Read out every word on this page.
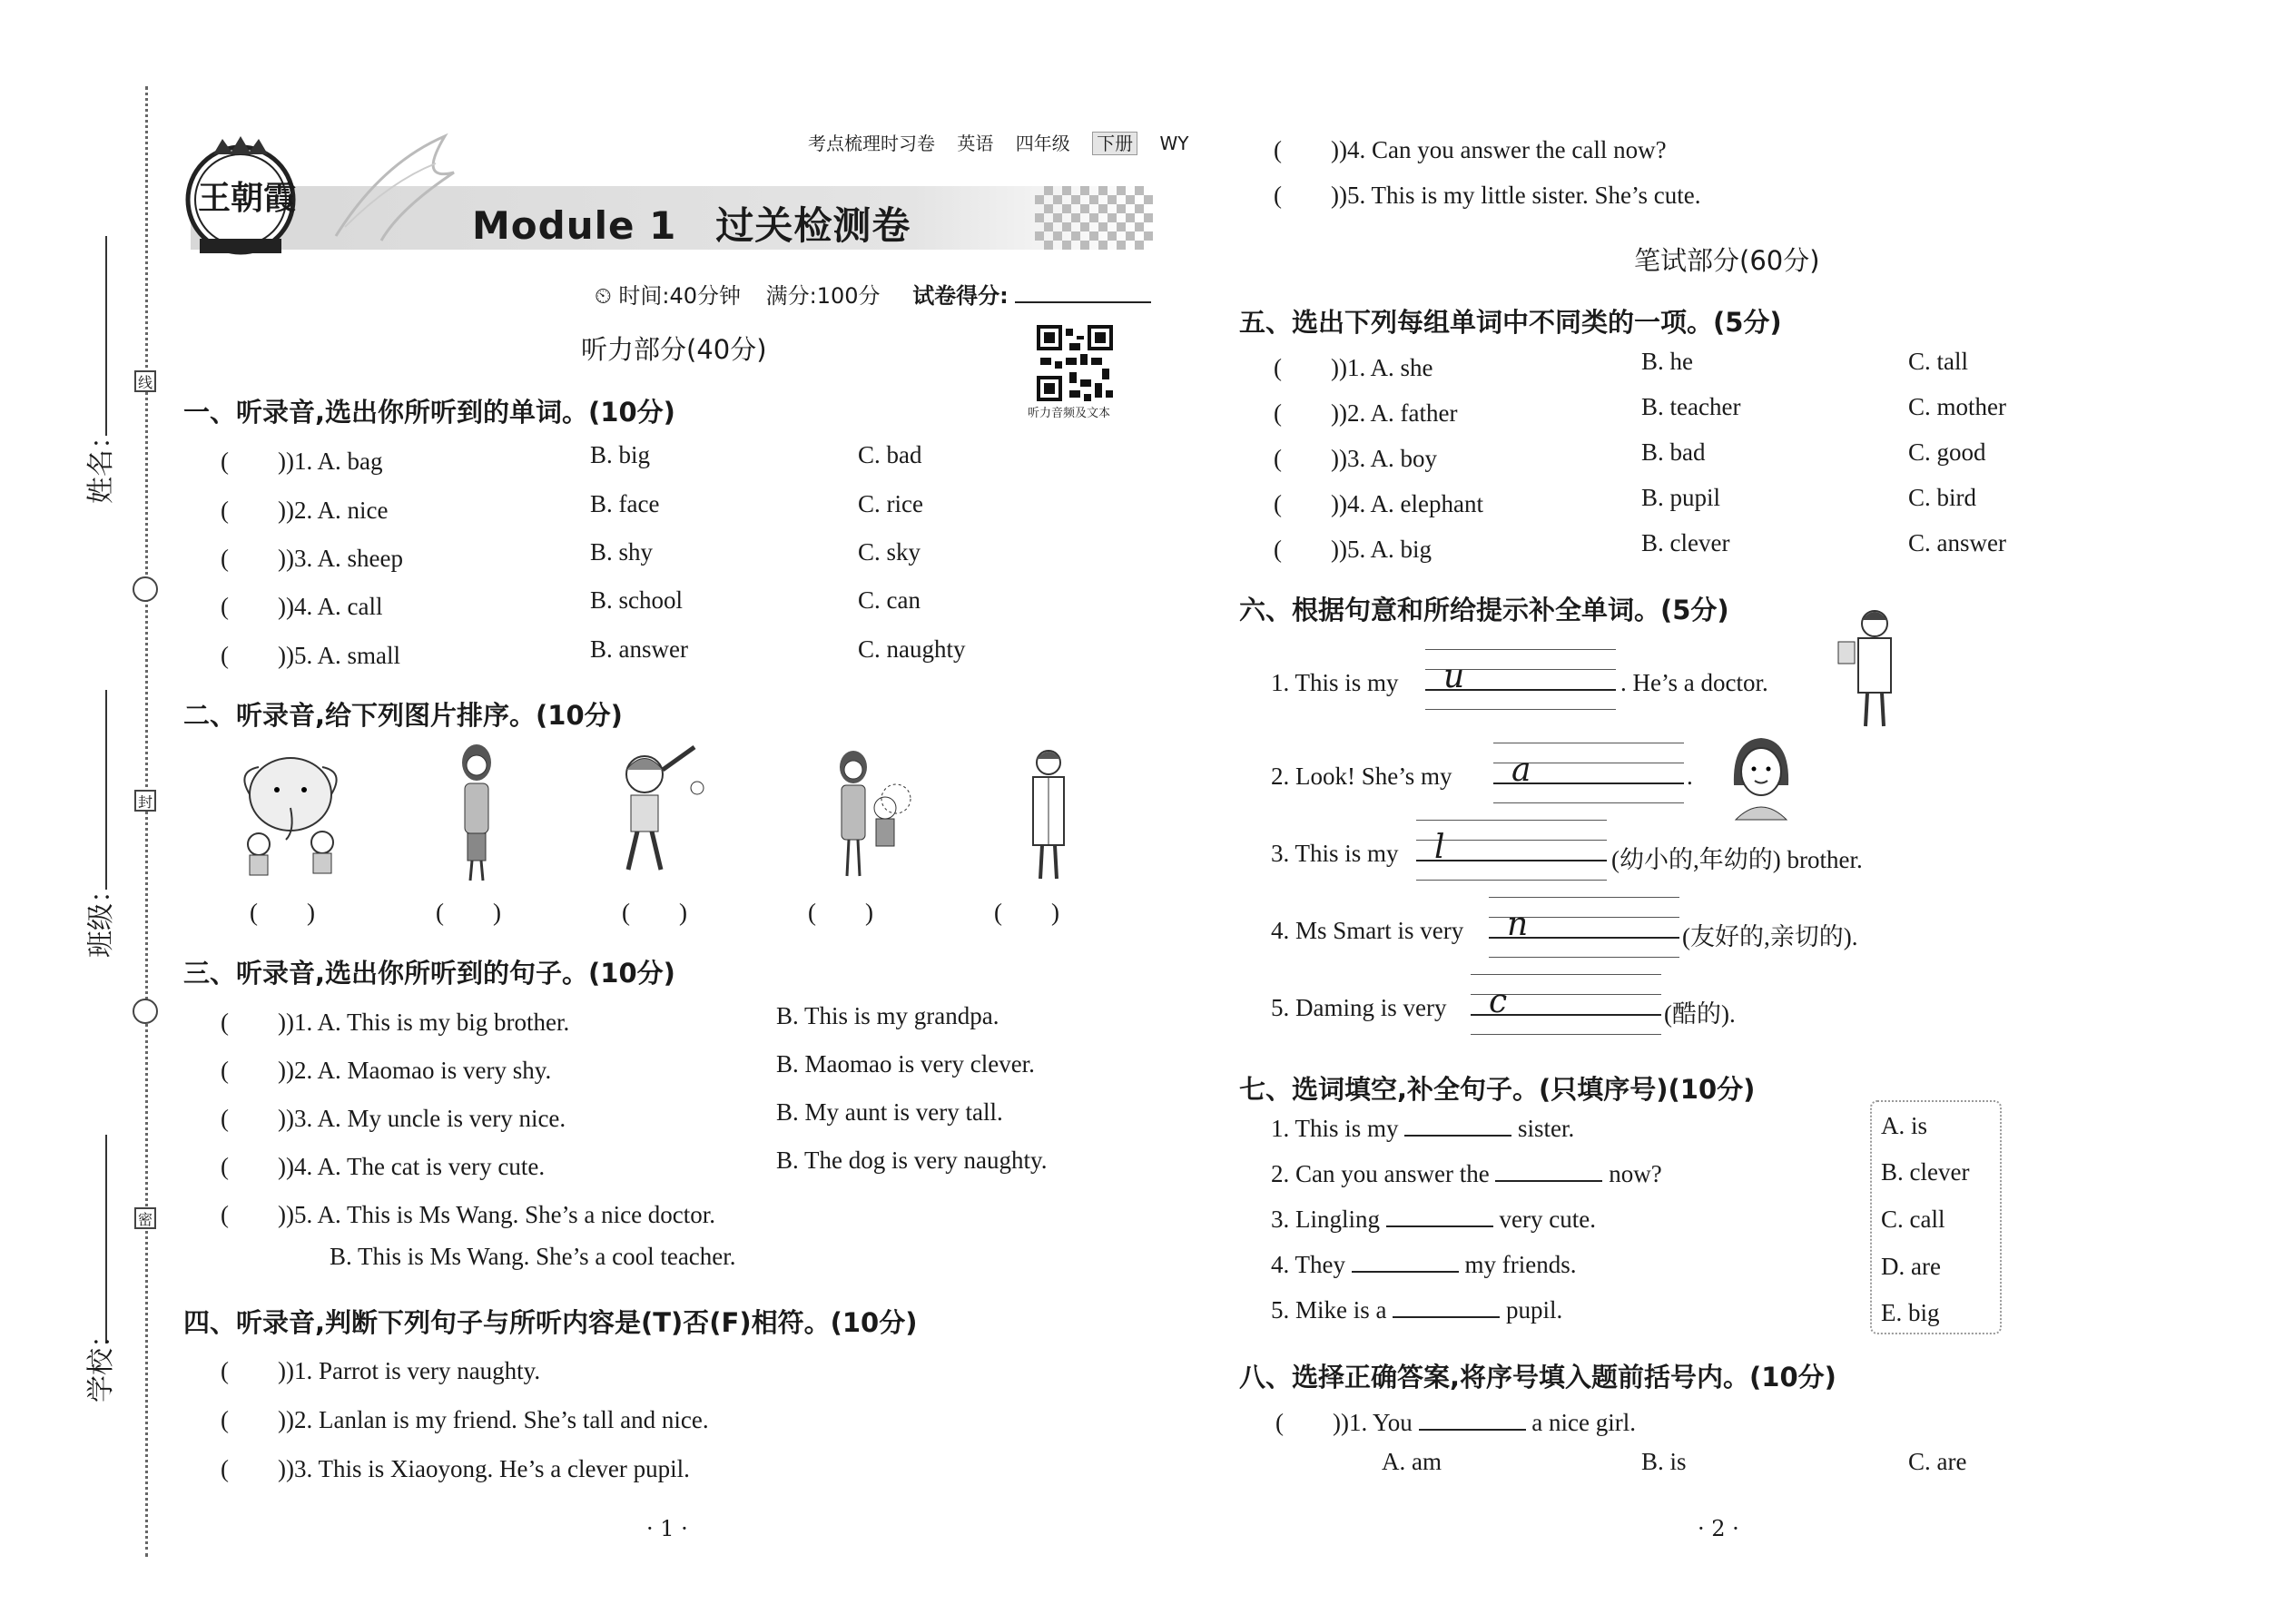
姓名：
班级：
学校：
线
封
密
王朝霞
考点梳理时习卷 英语 四年级 下册 WY
Module 1　过关检测卷
⏲ 时间:40分钟 满分:100分 试卷得分:
听力音频及文本
听力部分(40分)
一、听录音,选出你所听到的单词。(10分)
(　　))1. A. bag	B. big	C. bad
(　　))2. A. nice	B. face	C. rice
(　　))3. A. sheep	B. shy	C. sky
(　　))4. A. call	B. school	C. can
(　　))5. A. small	B. answer	C. naughty
二、听录音,给下列图片排序。(10分)
(　　)	(　　)	(　　)	(　　)	(　　)
三、听录音,选出你所听到的句子。(10分)
(　　))1. A. This is my big brother.	B. This is my grandpa.
(　　))2. A. Maomao is very shy.	B. Maomao is very clever.
(　　))3. A. My uncle is very nice.	B. My aunt is very tall.
(　　))4. A. The cat is very cute.	B. The dog is very naughty.
(　　))5. A. This is Ms Wang. She’s a nice doctor.
B. This is Ms Wang. She’s a cool teacher.
四、听录音,判断下列句子与所听内容是(T)否(F)相符。(10分)
(　　))1. Parrot is very naughty.
(　　))2. Lanlan is my friend. She’s tall and nice.
(　　))3. This is Xiaoyong. He’s a clever pupil.
(　　))4. Can you answer the call now?
(　　))5. This is my little sister. She’s cute.
· 1 ·
笔试部分(60分)
五、选出下列每组单词中不同类的一项。(5分)
(　　))1. A. she	B. he	C. tall
(　　))2. A. father	B. teacher	C. mother
(　　))3. A. boy	B. bad	C. good
(　　))4. A. elephant	B. pupil	C. bird
(　　))5. A. big	B. clever	C. answer
六、根据句意和所给提示补全单词。(5分)
1. This is my u	. He’s a doctor.
2. Look! She’s my a	.
3. This is my l	(幼小的,年幼的) brother.
4. Ms Smart is very n	(友好的,亲切的).
5. Daming is very c	(酷的).
七、选词填空,补全句子。(只填序号)(10分)
1. This is my	sister.
2. Can you answer the	now?
3. Lingling	very cute.
4. They	my friends.
5. Mike is a	pupil.
A. is
B. clever
C. call
D. are
E. big
八、选择正确答案,将序号填入题前括号内。(10分)
(　　))1. You	a nice girl.
A. am	B. is	C. are
· 2 ·
